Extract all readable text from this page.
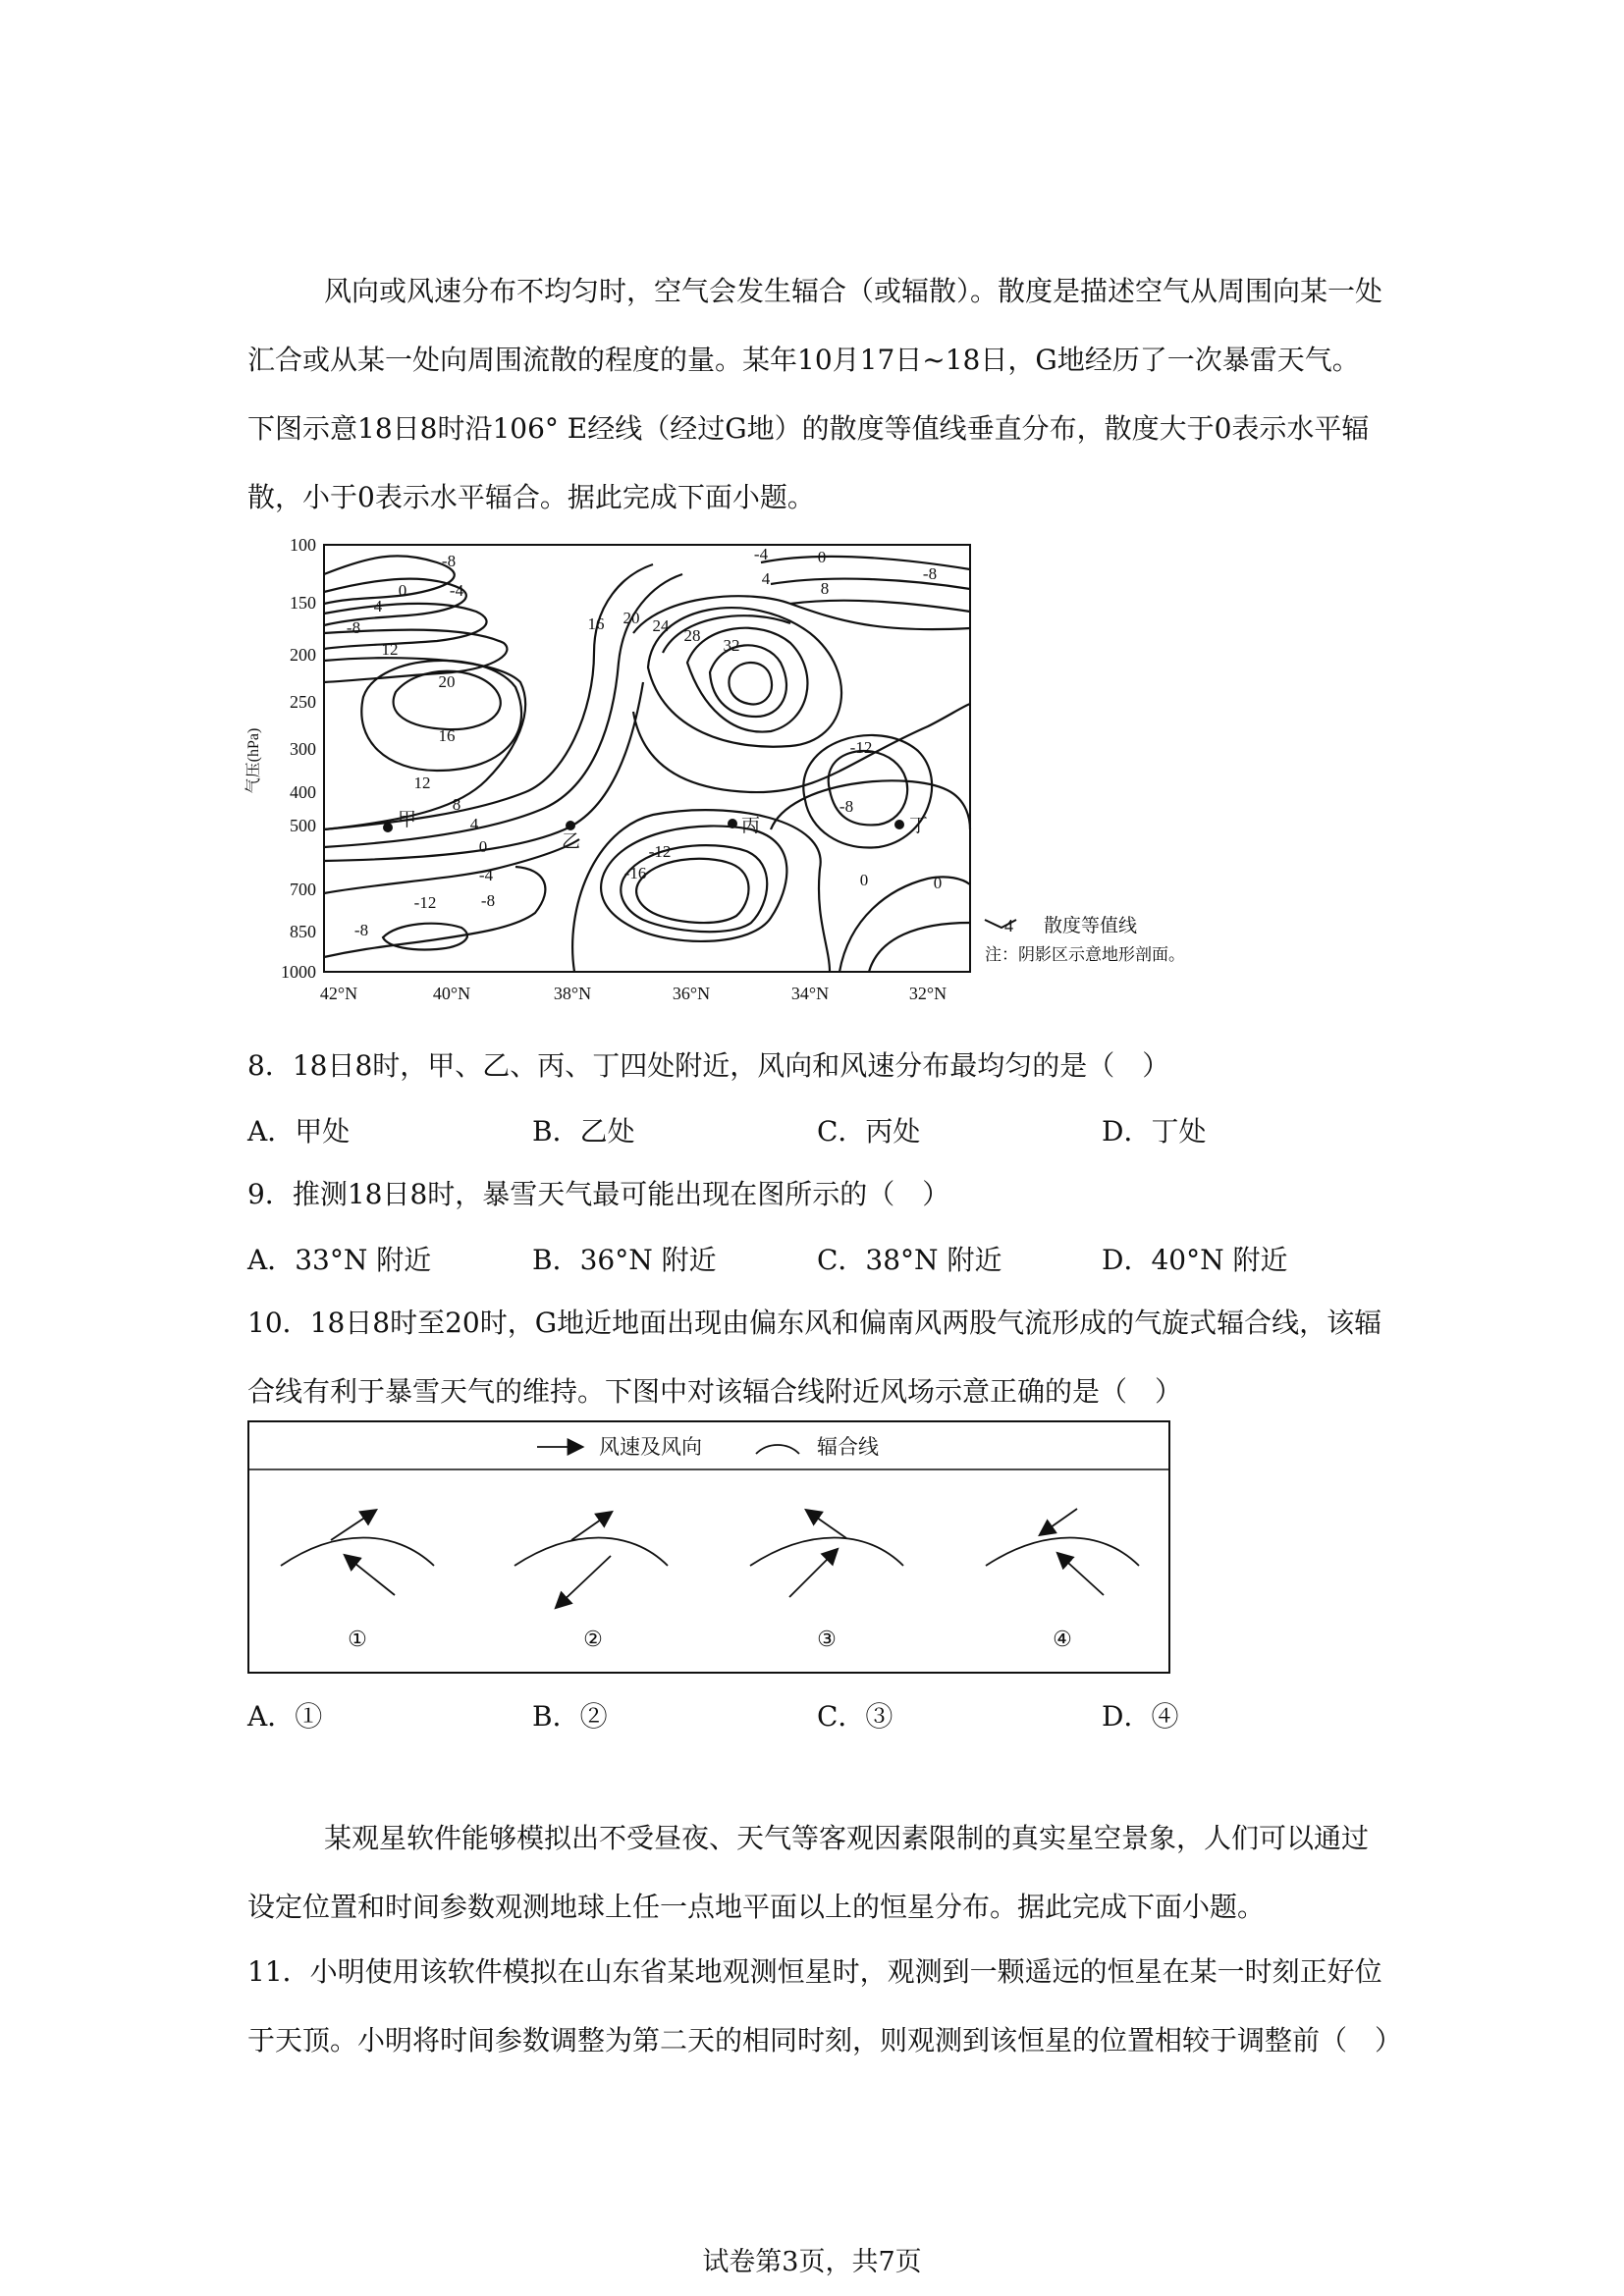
风向或风速分布不均匀时，空气会发生辐合（或辐散）。散度是描述空气从周围向某一处汇合或从某一处向周围流散的程度的量。某年10月17日~18日，G地经历了一次暴雷天气。下图示意18日8时沿106° E经线（经过G地）的散度等值线垂直分布，散度大于0表示水平辐散，小于0表示水平辐合。据此完成下面小题。

-8
0	-4
4
-8
12
20
16
12
8
4
0
-4
-8
-12
-8
16 20 24
28
32
-4	0
4
8
-8
-12
-8
-12
-16	0	0
甲
乙
丙	丁
100
150
200
250
300
400
500
700
850
1000
气压(hPa)
42°N	40°N	38°N	36°N	34°N	32°N
4 散度等值线
注：阴影区示意地形剖面。

8．18日8时，甲、乙、丙、丁四处附近，风向和风速分布最均匀的是（　）

A．甲处	B．乙处	C．丙处	D．丁处

9．推测18日8时，暴雪天气最可能出现在图所示的（　）

A．33°N 附近	B．36°N 附近	C．38°N 附近	D．40°N 附近

10．18日8时至20时，G地近地面出现由偏东风和偏南风两股气流形成的气旋式辐合线，该辐合线有利于暴雪天气的维持。下图中对该辐合线附近风场示意正确的是（　）

风速及风向	辐合线
①	②	③	④
A．①	B．②	C．③	D．④

某观星软件能够模拟出不受昼夜、天气等客观因素限制的真实星空景象，人们可以通过设定位置和时间参数观测地球上任一点地平面以上的恒星分布。据此完成下面小题。

11．小明使用该软件模拟在山东省某地观测恒星时，观测到一颗遥远的恒星在某一时刻正好位于天顶。小明将时间参数调整为第二天的相同时刻，则观测到该恒星的位置相较于调整前（　）

试卷第3页，共7页
